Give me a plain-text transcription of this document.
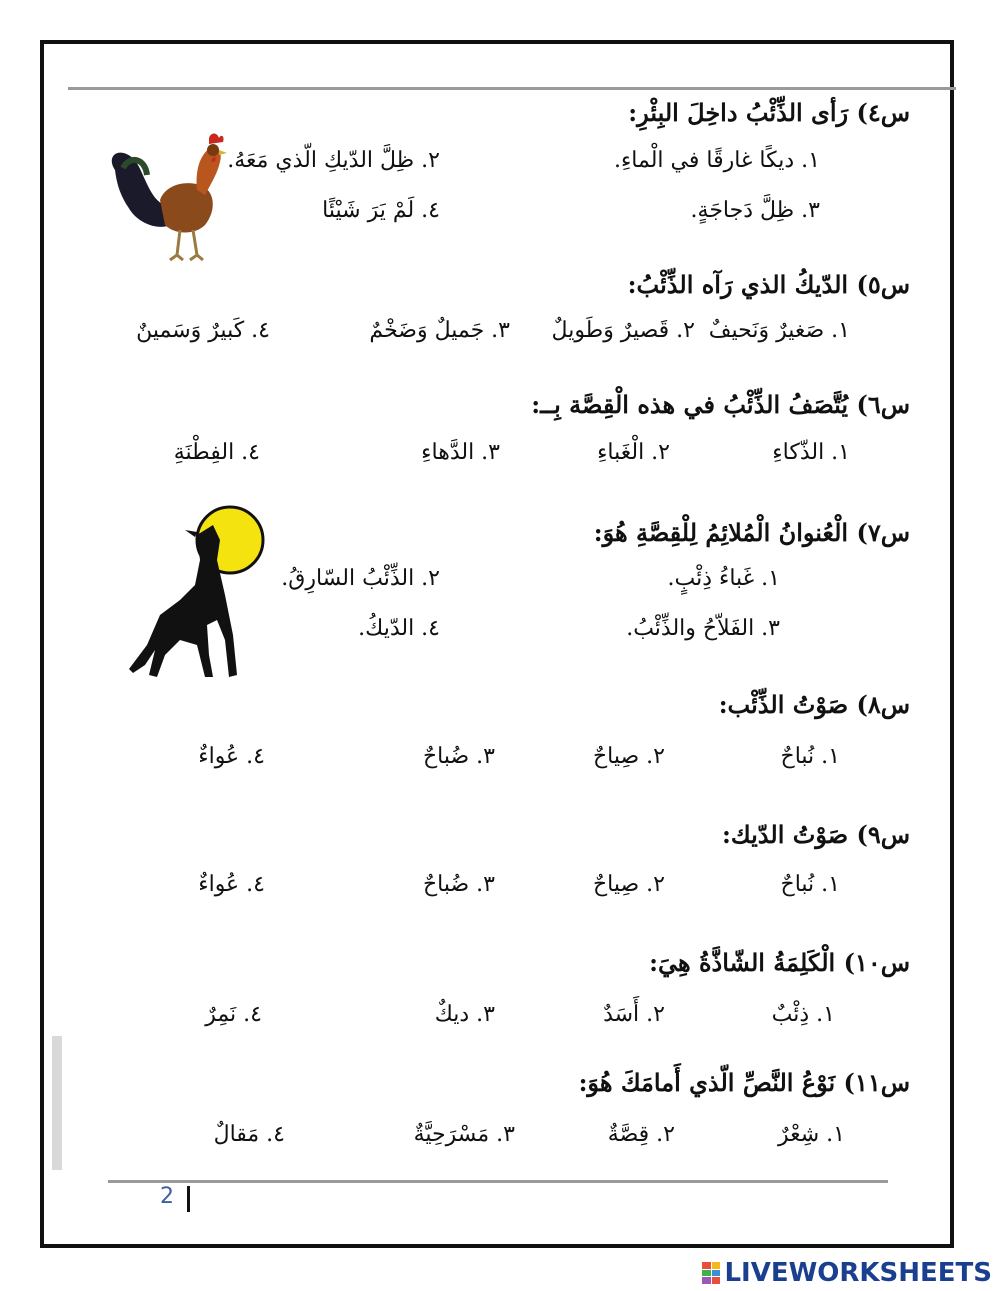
س٤) رَأى الذِّئْبُ داخِلَ البِئْرِ:
١. ديكًا غارقًا في الْماءِ.
٢. ظِلَّ الدّيكِ الّذي مَعَهُ.
٣. ظِلَّ دَجاجَةٍ.
٤. لَمْ يَرَ شَيْئًا
س٥) الدّيكُ الذي رَآه الذِّئْبُ:
١. صَغيرٌ وَنَحيفٌ
٢. قَصيرٌ وَطَويلٌ
٣. جَميلٌ وَضَخْمٌ
٤. كَبيرٌ وَسَمينٌ
س٦) يُتَّصَفُ الذِّئْبُ في هذه الْقِصَّة بِــ:
١. الذّكاءِ
٢. الْغَباءِ
٣. الدَّهاءِ
٤. الفِطْنَةِ
س٧) الْعُنوانُ الْمُلائِمُ لِلْقِصَّةِ هُوَ:
١. غَباءُ ذِئْبٍ.
٢. الذِّئْبُ السّارِقُ.
٣. الفَلاّحُ والذِّئْبُ.
٤. الدّيكُ.
س٨) صَوْتُ الذِّئْب:
١. نُباحٌ
٢. صِياحٌ
٣. ضُباحٌ
٤. عُواءٌ
س٩) صَوْتُ الدّيك:
١. نُباحٌ
٢. صِياحٌ
٣. ضُباحٌ
٤. عُواءٌ
س١٠) الْكَلِمَةُ الشّاذَّةُ هِيَ:
١. ذِئْبٌ
٢. أَسَدٌ
٣. ديكٌ
٤. نَمِرٌ
س١١) نَوْعُ النَّصِّ الّذي أَمامَكَ هُوَ:
١. شِعْرٌ
٢. قِصَّةٌ
٣. مَسْرَحِيَّةٌ
٤. مَقالٌ
2
LIVEWORKSHEETS
